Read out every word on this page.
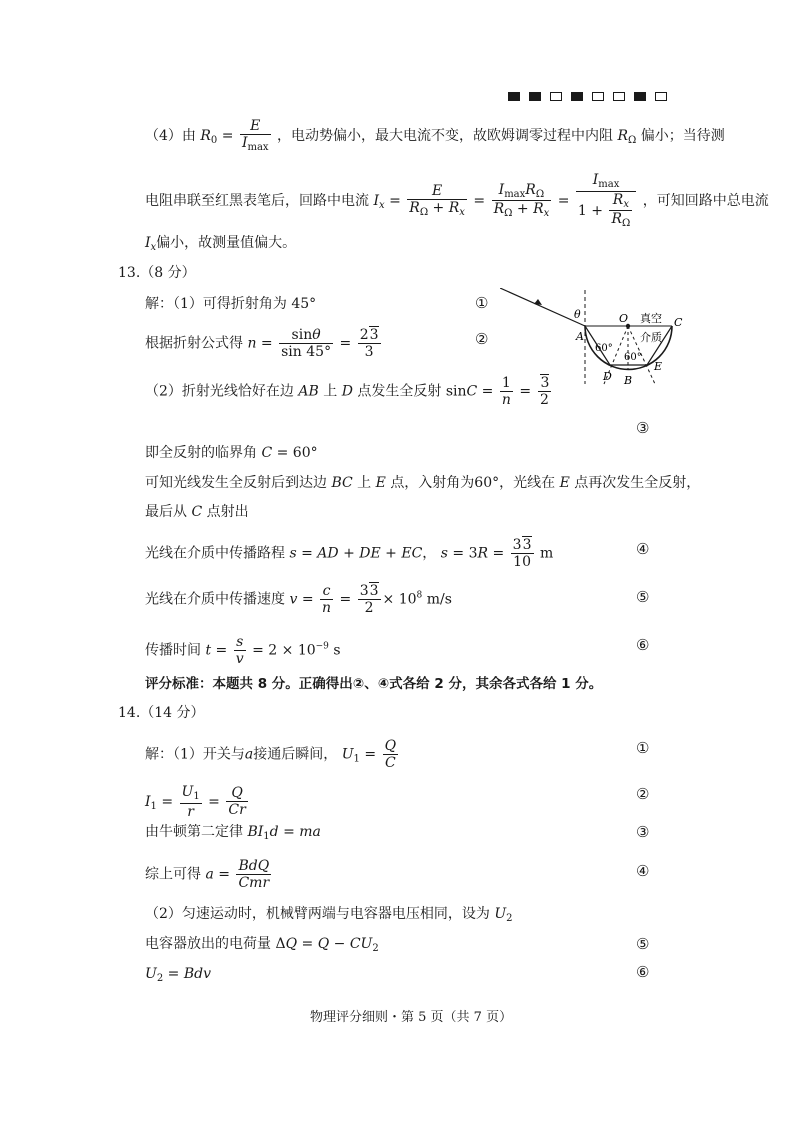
（4）由 $R_0 = \frac{E}{I_{max}}$ ，电动势偏小，最大电流不变，故欧姆调零过程中内阻 $R_\Omega$ 偏小；当待测
电阻串联至红黑表笔后，回路中电流 $I_x = \frac{E}{R_\Omega + R_x} = \frac{I_{max}R_\Omega}{R_\Omega + R_x} = \frac{I_{max}}{1 + \frac{R_x}{R_\Omega}}$ ，可知回路中总电流
$I_x$偏小，故测量值偏大。
13.（8 分）
解：（1）可得折射角为 45°	①
根据折射公式得 $n = \frac{\sin\theta}{\sin 45^\circ} = \frac{23}{3}$	②
（2）折射光线恰好在边 AB 上 D 点发生全反射 $\sin C = \frac{1}{n} = \frac{3}{2}$
③
即全反射的临界角 C = 60°
可知光线发生全反射后到达边 BC 上 E 点，入射角为60°，光线在 E 点再次发生全反射，
最后从 C 点射出
光线在介质中传播路程 s = AD + DE + EC， $s = 3R = \frac{33}{10}$ m	④
光线在介质中传播速度 $v = \frac{c}{n} = \frac{33}{2} \times 10^8$ m/s	⑤
传播时间 $t = \frac{s}{v} = 2 \times 10^{-9}$ s	⑥
评分标准：本题共 8 分。正确得出②、④式各给 2 分，其余各式各给 1 分。
θ	O
A
C
真空
介质
60°
60°
D B
E
14.（14 分）
解：（1）开关与a接通后瞬间， $U_1 = \frac{Q}{C}$	①
$I_1 = \frac{U_1}{r} = \frac{Q}{Cr}$	②
由牛顿第二定律 $BI_1d$ = ma	③
综上可得 $a = \frac{\text{BdQ}}{\text{Cmr}}$	④
（2）匀速运动时，机械臂两端与电容器电压相同，设为 $U_2$
电容器放出的电荷量 $\Delta Q = Q - CU_2$	⑤
$U_2$ = Bdv	⑥
物理评分细则・第 5 页（共 7 页）
